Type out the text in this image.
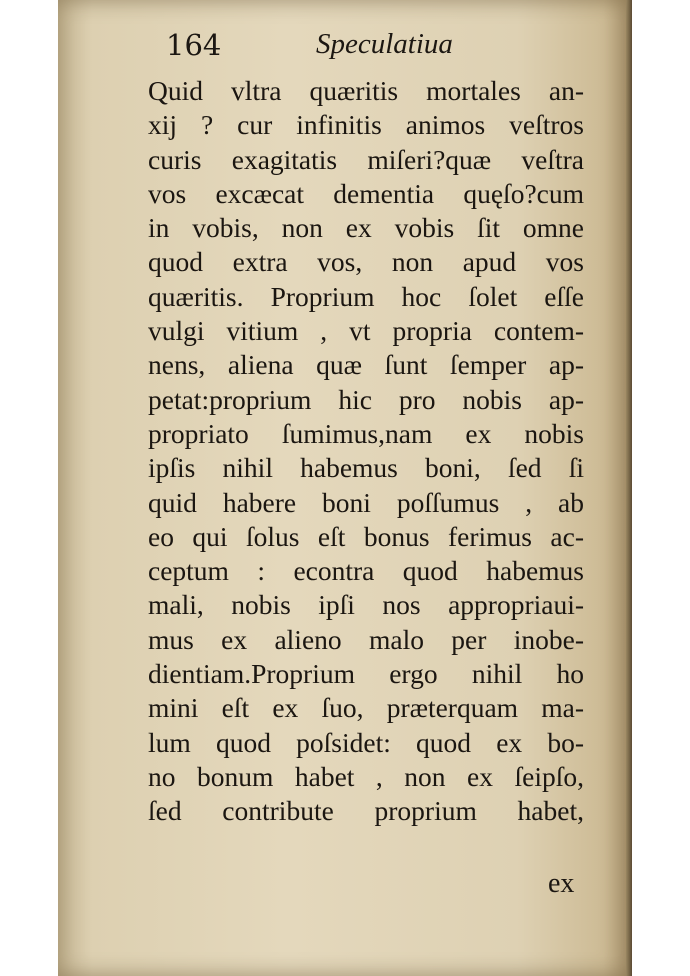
164	Speculatiua
Quid vltra quæritis mortales an-
xij ? cur infinitis animos veſtros
curis exagitatis miſeri?quæ veſtra
vos excæcat dementia quęſo?cum
in vobis, non ex vobis ſit omne
quod extra vos, non apud vos
quæritis. Proprium hoc ſolet eſſe
vulgi vitium , vt propria contem-
nens, aliena quæ ſunt ſemper ap-
petat:proprium hic pro nobis ap-
propriato ſumimus,nam ex nobis
ipſis nihil habemus boni, ſed ſi
quid habere boni poſſumus , ab
eo qui ſolus eſt bonus ferimus ac-
ceptum : econtra quod habemus
mali, nobis ipſi nos appropriaui-
mus ex alieno malo per inobe-
dientiam.Proprium ergo nihil ho
mini eſt ex ſuo, præterquam ma-
lum quod poſsidet: quod ex bo-
no bonum habet , non ex ſeipſo,
ſed contribute proprium habet,
ex
